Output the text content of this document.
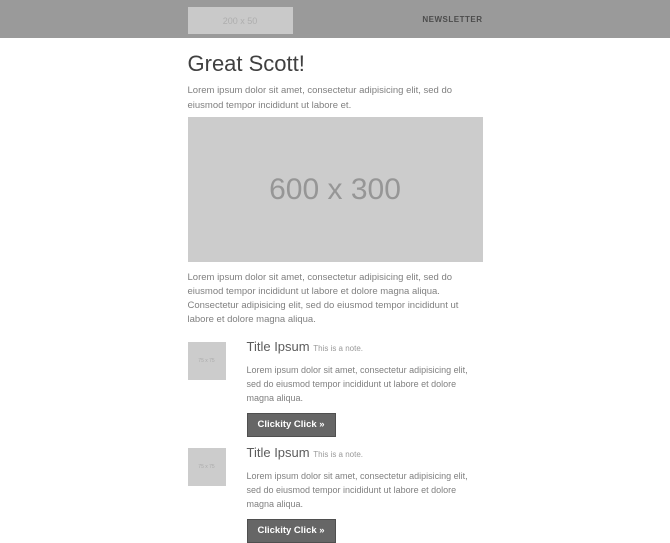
200 x 50	NEWSLETTER
Great Scott!

Lorem ipsum dolor sit amet, consectetur adipisicing elit, sed do eiusmod tempor incididunt ut labore et.

600 x 300

Lorem ipsum dolor sit amet, consectetur adipisicing elit, sed do eiusmod tempor incididunt ut labore et dolore magna aliqua. Consectetur adipisicing elit, sed do eiusmod tempor incididunt ut labore et dolore magna aliqua.

75 x 75
Title Ipsum This is a note.

Lorem ipsum dolor sit amet, consectetur adipisicing elit, sed do eiusmod tempor incididunt ut labore et dolore magna aliqua.

Clickity Click »
75 x 75
Title Ipsum This is a note.

Lorem ipsum dolor sit amet, consectetur adipisicing elit, sed do eiusmod tempor incididunt ut labore et dolore magna aliqua.

Clickity Click »
